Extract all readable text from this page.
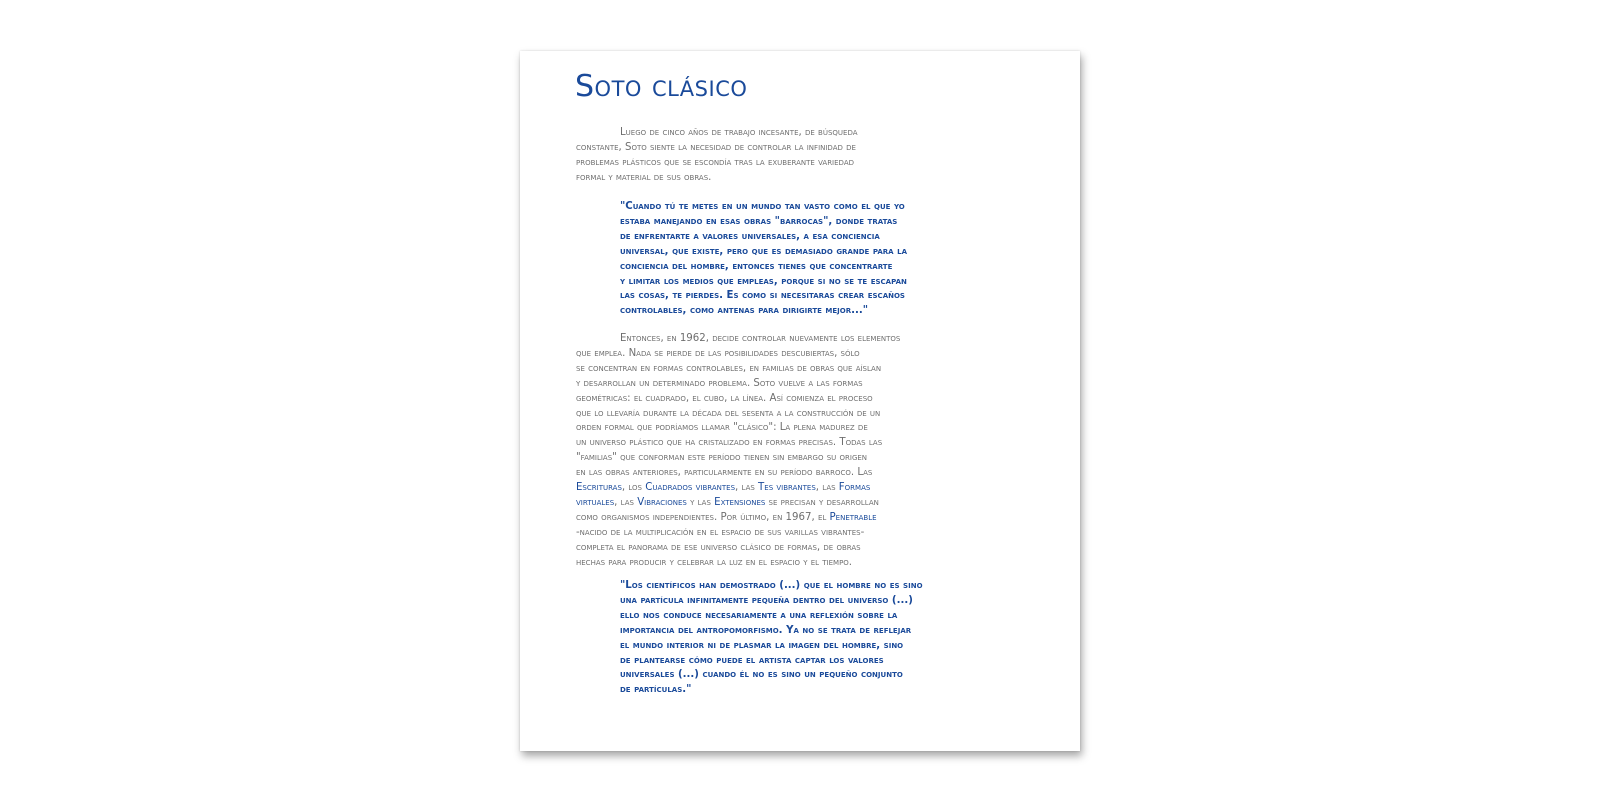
Soto clásico
Luego de cinco años de trabajo incesante, de búsqueda
constante, Soto siente la necesidad de controlar la infinidad de
problemas plásticos que se escondía tras la exuberante variedad
formal y material de sus obras.
"Cuando tú te metes en un mundo tan vasto como el que yo
estaba manejando en esas obras "barrocas", donde tratas
de enfrentarte a valores universales, a esa conciencia
universal, que existe, pero que es demasiado grande para la
conciencia del hombre, entonces tienes que concentrarte
y limitar los medios que empleas, porque si no se te escapan
las cosas, te pierdes. Es como si necesitaras crear escaños
controlables, como antenas para dirigirte mejor..."
Entonces, en 1962, decide controlar nuevamente los elementos
que emplea. Nada se pierde de las posibilidades descubiertas, sólo
se concentran en formas controlables, en familias de obras que aíslan
y desarrollan un determinado problema. Soto vuelve a las formas
geométricas: el cuadrado, el cubo, la línea. Así comienza el proceso
que lo llevaría durante la década del sesenta a la construcción de un
orden formal que podríamos llamar "clásico": La plena madurez de
un universo plástico que ha cristalizado en formas precisas. Todas las
"familias" que conforman este período tienen sin embargo su origen
en las obras anteriores, particularmente en su período barroco. Las
Escrituras, los Cuadrados vibrantes, las Tes vibrantes, las Formas
virtuales, las Vibraciones y las Extensiones se precisan y desarrollan
como organismos independientes. Por último, en 1967, el Penetrable
-nacido de la multiplicación en el espacio de sus varillas vibrantes-
completa el panorama de ese universo clásico de formas, de obras
hechas para producir y celebrar la luz en el espacio y el tiempo.
"Los científicos han demostrado (...) que el hombre no es sino
una partícula infinitamente pequeña dentro del universo (...)
ello nos conduce necesariamente a una reflexión sobre la
importancia del antropomorfismo. Ya no se trata de reflejar
el mundo interior ni de plasmar la imagen del hombre, sino
de plantearse cómo puede el artista captar los valores
universales (...) cuando él no es sino un pequeño conjunto
de partículas."
